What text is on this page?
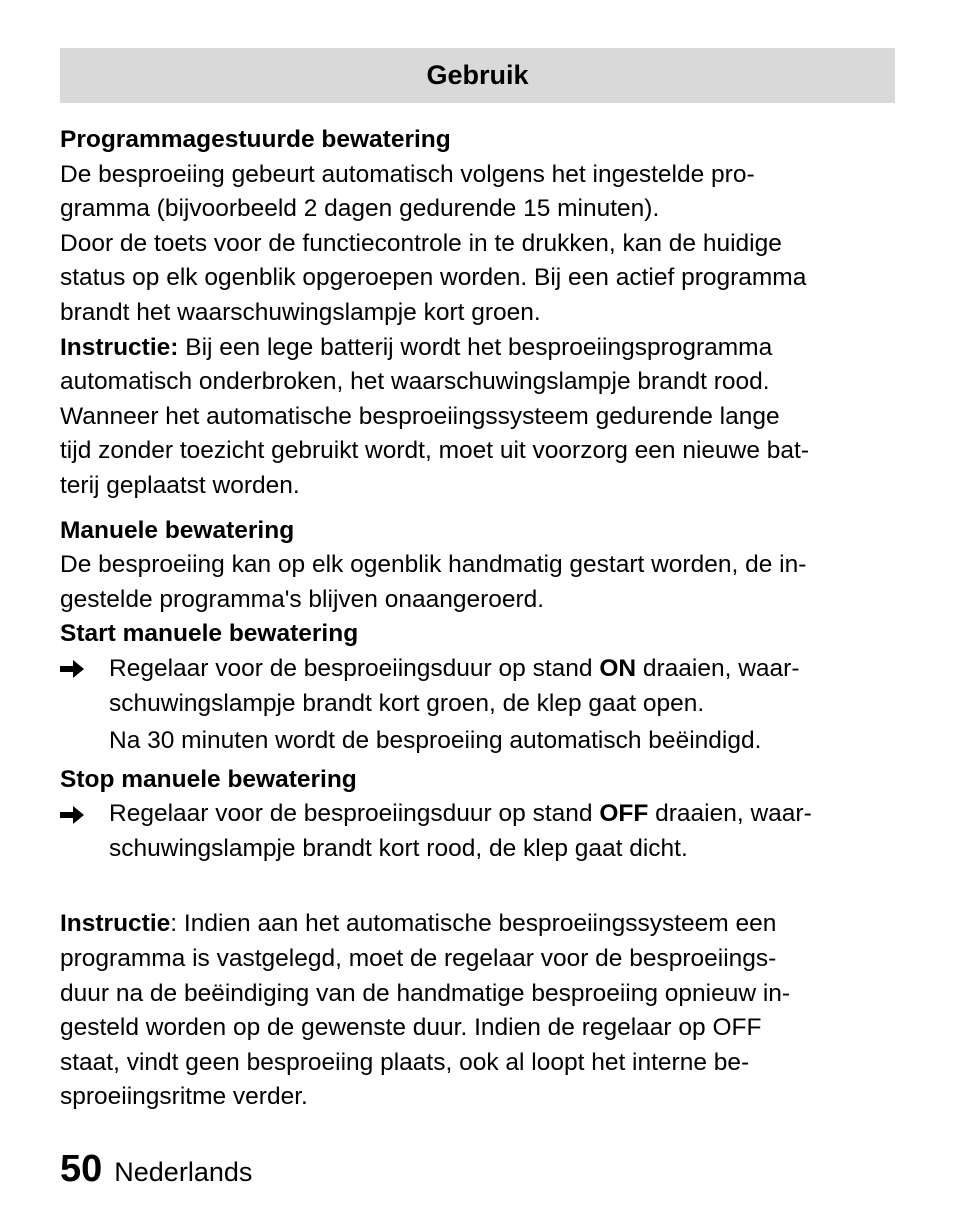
Gebruik
Programmagestuurde bewatering
De besproeiing gebeurt automatisch volgens het ingestelde pro-
gramma (bijvoorbeeld 2 dagen gedurende 15 minuten).
Door de toets voor de functiecontrole in te drukken, kan de huidige
status op elk ogenblik opgeroepen worden. Bij een actief programma
brandt het waarschuwingslampje kort groen.
Instructie: Bij een lege batterij wordt het besproeiingsprogramma
automatisch onderbroken, het waarschuwingslampje brandt rood.
Wanneer het automatische besproeiingssysteem gedurende lange
tijd zonder toezicht gebruikt wordt, moet uit voorzorg een nieuwe bat-
terij geplaatst worden.
Manuele bewatering
De besproeiing kan op elk ogenblik handmatig gestart worden, de in-
gestelde programma's blijven onaangeroerd.
Start manuele bewatering
Regelaar voor de besproeiingsduur op stand ON draaien, waar-
schuwingslampje brandt kort groen, de klep gaat open.
Na 30 minuten wordt de besproeiing automatisch beëindigd.
Stop manuele bewatering
Regelaar voor de besproeiingsduur op stand OFF draaien, waar-
schuwingslampje brandt kort rood, de klep gaat dicht.
Instructie: Indien aan het automatische besproeiingssysteem een
programma is vastgelegd, moet de regelaar voor de besproeiings-
duur na de beëindiging van de handmatige besproeiing opnieuw in-
gesteld worden op de gewenste duur. Indien de regelaar op OFF
staat, vindt geen besproeiing plaats, ook al loopt het interne be-
sproeiingsritme verder.
50 Nederlands
